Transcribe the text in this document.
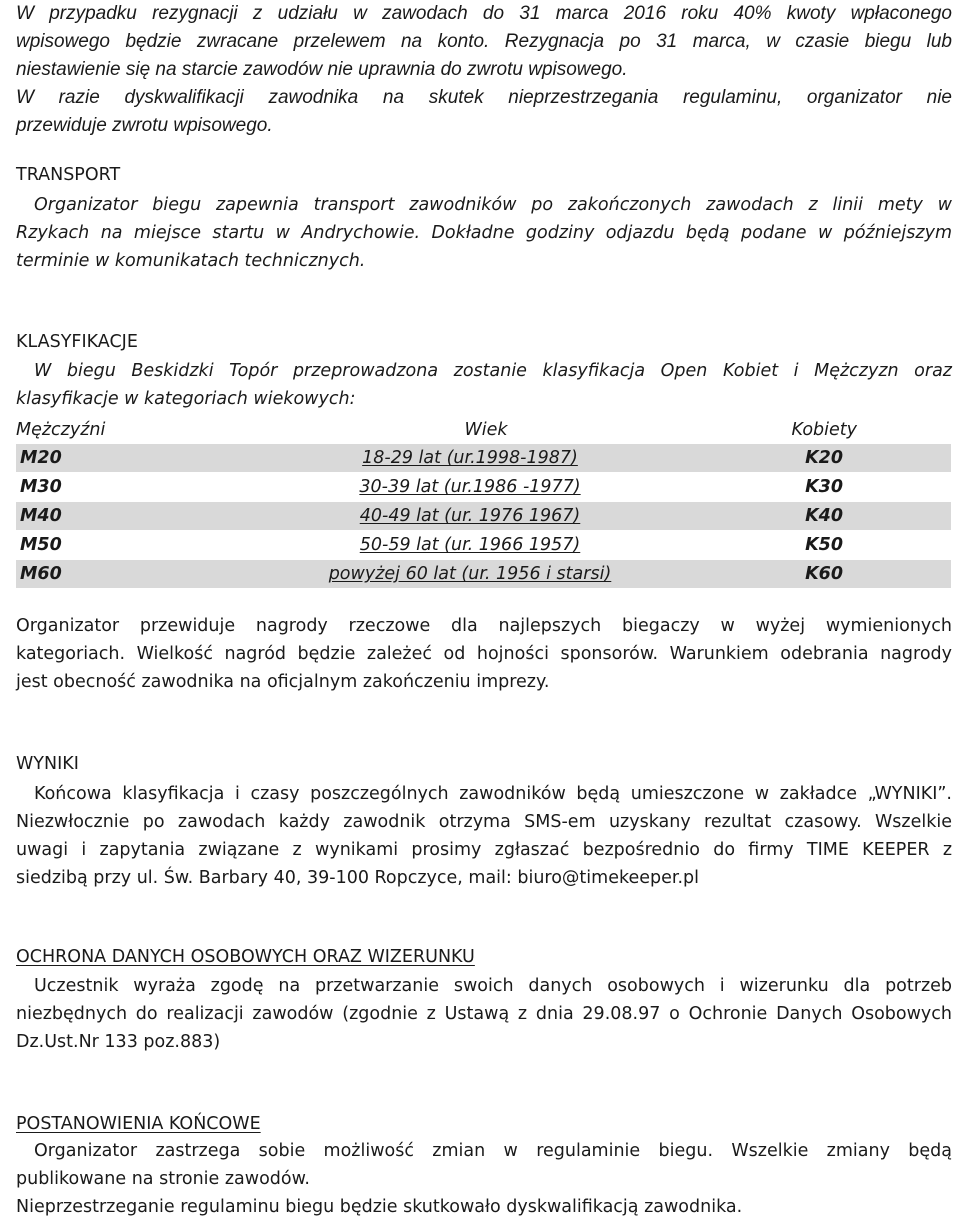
W przypadku rezygnacji z udziału w zawodach do 31 marca 2016 roku 40% kwoty wpłaconego

wpisowego będzie zwracane przelewem na konto. Rezygnacja po 31 marca, w czasie biegu lub

niestawienie się na starcie zawodów nie uprawnia do zwrotu wpisowego.

W razie dyskwalifikacji zawodnika na skutek nieprzestrzegania regulaminu, organizator nie

przewiduje zwrotu wpisowego.

TRANSPORT

Organizator biegu zapewnia transport zawodników po zakończonych zawodach z linii mety w
Rzykach na miejsce startu w Andrychowie. Dokładne godziny odjazdu będą podane w późniejszym
terminie w komunikatach technicznych.

KLASYFIKACJE

W biegu Beskidzki Topór przeprowadzona zostanie klasyfikacja Open Kobiet i Mężczyzn oraz
klasyfikacje w kategoriach wiekowych:
Mężczyźni	Wiek	Kobiety
M20	18-29 lat (ur.1998-1987)	K20
M30	30-39 lat (ur.1986 -1977)	K30
M40	40-49 lat (ur. 1976 1967)	K40
M50	50-59 lat (ur. 1966 1957)	K50
M60	powyżej 60 lat (ur. 1956 i starsi)	K60
Organizator przewiduje nagrody rzeczowe dla najlepszych biegaczy w wyżej wymienionych
kategoriach. Wielkość nagród będzie zależeć od hojności sponsorów. Warunkiem odebrania nagrody
jest obecność zawodnika na oficjalnym zakończeniu imprezy.

WYNIKI

Końcowa klasyfikacja i czasy poszczególnych zawodników będą umieszczone w zakładce „WYNIKI”.
Niezwłocznie po zawodach każdy zawodnik otrzyma SMS-em uzyskany rezultat czasowy. Wszelkie
uwagi i zapytania związane z wynikami prosimy zgłaszać bezpośrednio do firmy TIME KEEPER z
siedzibą przy ul. Św. Barbary 40, 39-100 Ropczyce, mail: biuro@timekeeper.pl

OCHRONA DANYCH OSOBOWYCH ORAZ WIZERUNKU

Uczestnik wyraża zgodę na przetwarzanie swoich danych osobowych i wizerunku dla potrzeb
niezbędnych do realizacji zawodów (zgodnie z Ustawą z dnia 29.08.97 o Ochronie Danych Osobowych
Dz.Ust.Nr 133 poz.883)

POSTANOWIENIA KOŃCOWE

Organizator zastrzega sobie możliwość zmian w regulaminie biegu. Wszelkie zmiany będą
publikowane na stronie zawodów.
Nieprzestrzeganie regulaminu biegu będzie skutkowało dyskwalifikacją zawodnika.
